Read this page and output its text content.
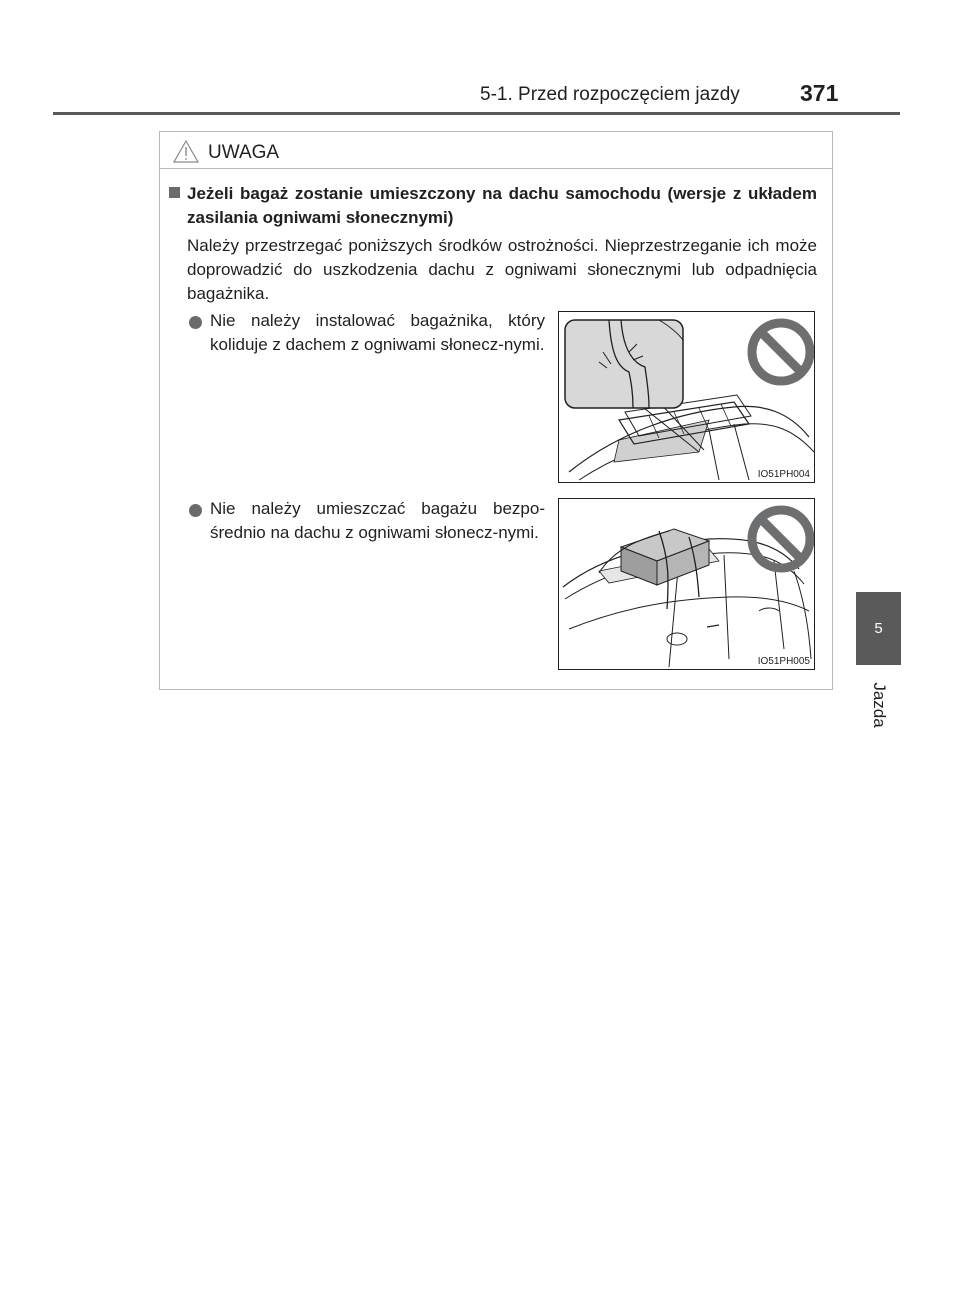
5-1. Przed rozpoczęciem jazdy	371
5
Jazda
UWAGA
Jeżeli bagaż zostanie umieszczony na dachu samochodu (wersje z układem zasilania ogniwami słonecznymi)
Należy przestrzegać poniższych środków ostrożności. Nieprzestrzeganie ich może doprowadzić do uszkodzenia dachu z ogniwami słonecznymi lub odpadnięcia bagażnika.
Nie należy instalować bagażnika, który koliduje z dachem z ogniwami słonecz-nymi.
IO51PH004
Nie należy umieszczać bagażu bezpo-średnio na dachu z ogniwami słonecz-nymi.
IO51PH005
